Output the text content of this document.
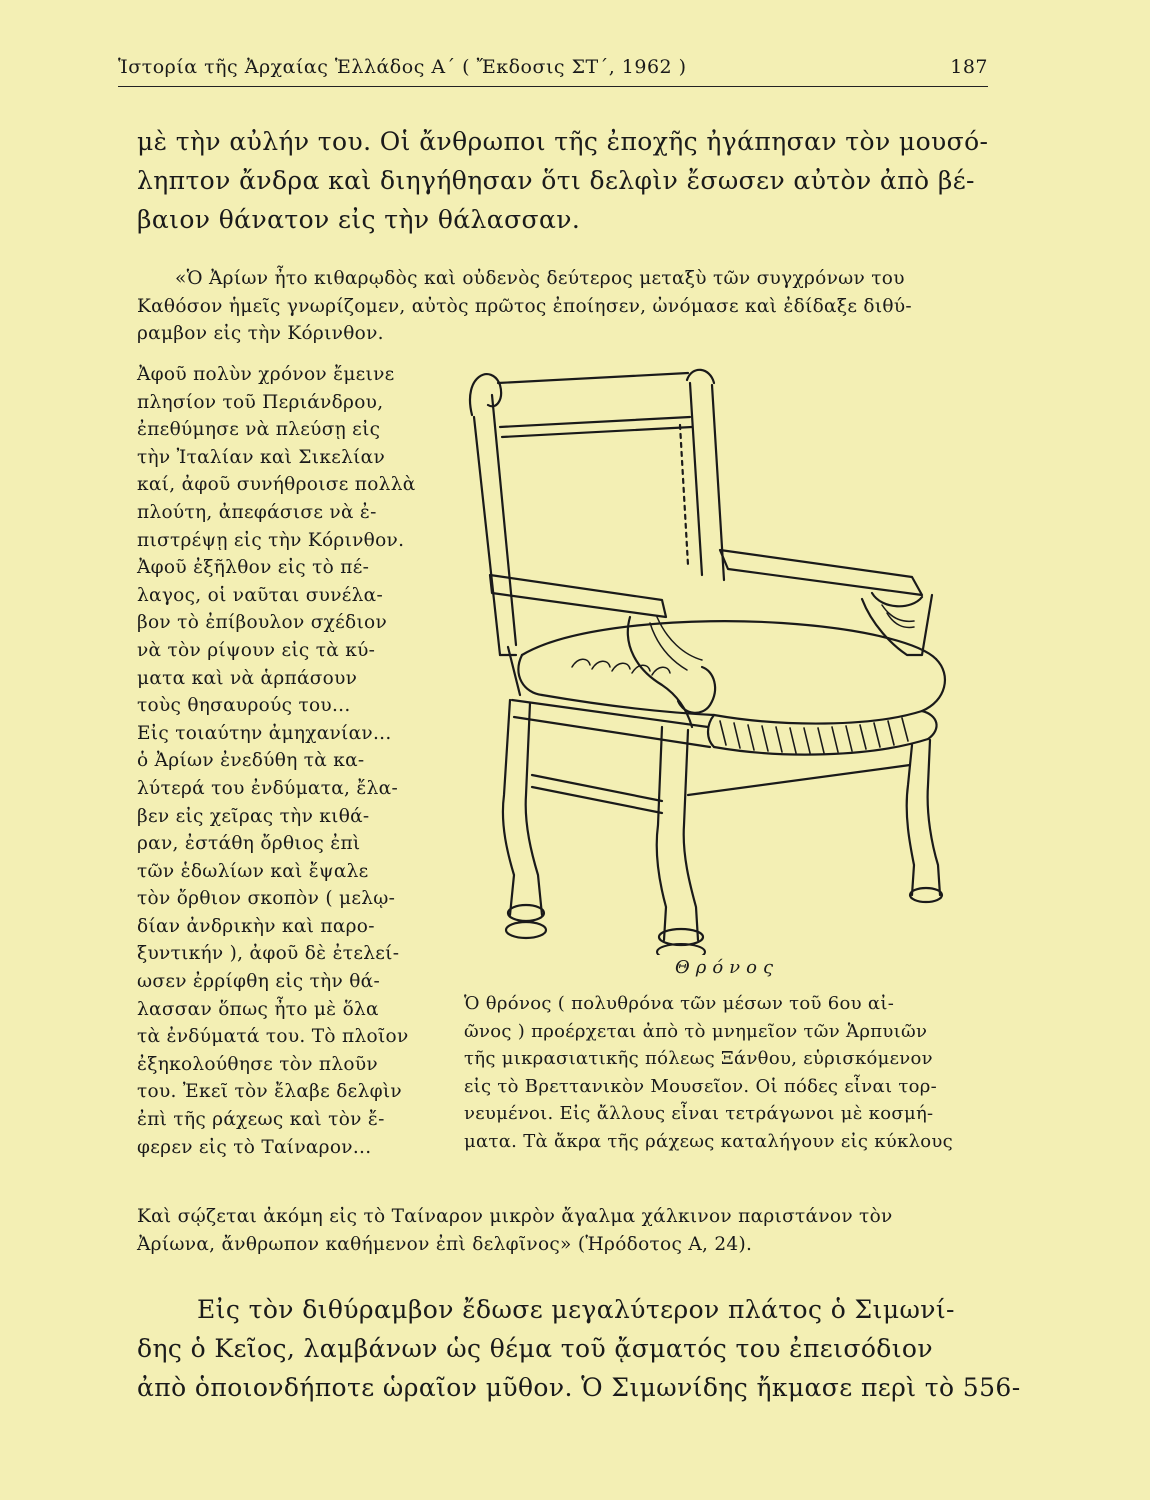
Ἱστορία τῆς Ἀρχαίας Ἑλλάδος Α΄ ( Ἔκδοσις ΣΤ΄, 1962 )	187
μὲ τὴν αὐλήν του. Οἱ ἄνθρωποι τῆς ἐποχῆς ἠγάπησαν τὸν μουσό-
ληπτον ἄνδρα καὶ διηγήθησαν ὅτι δελφὶν ἔσωσεν αὐτὸν ἀπὸ βέ-
βαιον θάνατον εἰς τὴν θάλασσαν.
«Ὁ Ἀρίων ἦτο κιθαρῳδὸς καὶ οὐδενὸς δεύτερος μεταξὺ τῶν συγχρόνων του
Καθόσον ἡμεῖς γνωρίζομεν, αὐτὸς πρῶτος ἐποίησεν, ὠνόμασε καὶ ἐδίδαξε διθύ-
ραμβον εἰς τὴν Κόρινθον.
Ἀφοῦ πολὺν χρόνον ἔμεινε
πλησίον τοῦ Περιάνδρου,
ἐπεθύμησε νὰ πλεύσῃ εἰς
τὴν Ἰταλίαν καὶ Σικελίαν
καί, ἀφοῦ συνήθροισε πολλὰ
πλούτη, ἀπεφάσισε νὰ ἐ-
πιστρέψῃ εἰς τὴν Κόρινθον.
Ἀφοῦ ἐξῆλθον εἰς τὸ πέ-
λαγος, οἱ ναῦται συνέλα-
βον τὸ ἐπίβουλον σχέδιον
νὰ τὸν ρίψουν εἰς τὰ κύ-
ματα καὶ νὰ ἁρπάσουν
τοὺς θησαυρούς του...
Εἰς τοιαύτην ἀμηχανίαν...
ὁ Ἀρίων ἐνεδύθη τὰ κα-
λύτερά του ἐνδύματα, ἔλα-
βεν εἰς χεῖρας τὴν κιθά-
ραν, ἐστάθη ὄρθιος ἐπὶ
τῶν ἑδωλίων καὶ ἔψαλε
τὸν ὄρθιον σκοπὸν ( μελῳ-
δίαν ἀνδρικὴν καὶ παρο-
ξυντικήν ), ἀφοῦ δὲ ἐτελεί-
ωσεν ἐρρίφθη εἰς τὴν θά-
λασσαν ὅπως ἦτο μὲ ὅλα
τὰ ἐνδύματά του. Τὸ πλοῖον
ἐξηκολούθησε τὸν πλοῦν
του. Ἐκεῖ τὸν ἔλαβε δελφὶν
ἐπὶ τῆς ράχεως καὶ τὸν ἔ-
φερεν εἰς τὸ Ταίναρον...
Θρόνος
Ὁ θρόνος ( πολυθρόνα τῶν μέσων τοῦ 6ου αἰ-
ῶνος ) προέρχεται ἀπὸ τὸ μνημεῖον τῶν Ἁρπυιῶν
τῆς μικρασιατικῆς πόλεως Ξάνθου, εὑρισκόμενον
εἰς τὸ Βρεττανικὸν Μουσεῖον. Οἱ πόδες εἶναι τορ-
νευμένοι. Εἰς ἄλλους εἶναι τετράγωνοι μὲ κοσμή-
ματα. Τὰ ἄκρα τῆς ράχεως καταλήγουν εἰς κύκλους
Καὶ σῴζεται ἀκόμη εἰς τὸ Ταίναρον μικρὸν ἄγαλμα χάλκινον παριστάνον τὸν
Ἀρίωνα, ἄνθρωπον καθήμενον ἐπὶ δελφῖνος» (Ἡρόδοτος Α, 24).
Εἰς τὸν διθύραμβον ἔδωσε μεγαλύτερον πλάτος ὁ Σιμωνί-
δης ὁ Κεῖος, λαμβάνων ὡς θέμα τοῦ ᾄσματός του ἐπεισόδιον
ἀπὸ ὁποιονδήποτε ὡραῖον μῦθον. Ὁ Σιμωνίδης ἤκμασε περὶ τὸ 556-
